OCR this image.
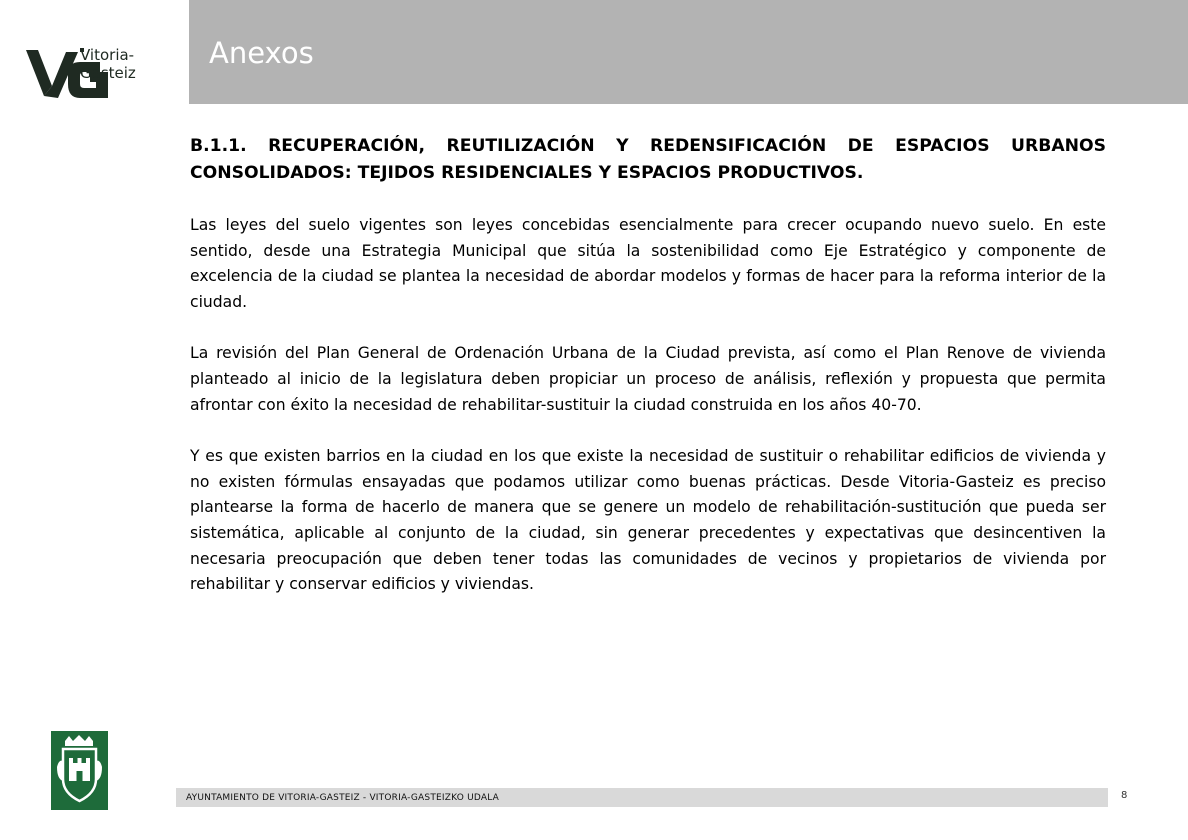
Vitoria-Gasteiz
Anexos
B.1.1. RECUPERACIÓN, REUTILIZACIÓN Y REDENSIFICACIÓN DE ESPACIOS URBANOS CONSOLIDADOS: TEJIDOS RESIDENCIALES Y ESPACIOS PRODUCTIVOS.

Las leyes del suelo vigentes son leyes concebidas esencialmente para crecer ocupando nuevo suelo. En este sentido, desde una Estrategia Municipal que sitúa la sostenibilidad como Eje Estratégico y componente de excelencia de la ciudad se plantea la necesidad de abordar modelos y formas de hacer para la reforma interior de la ciudad.

La revisión del Plan General de Ordenación Urbana de la Ciudad prevista, así como el Plan Renove de vivienda planteado al inicio de la legislatura deben propiciar un proceso de análisis, reflexión y propuesta que permita afrontar con éxito la necesidad de rehabilitar-sustituir la ciudad construida en los años 40-70.

Y es que existen barrios en la ciudad en los que existe la necesidad de sustituir o rehabilitar edificios de vivienda y no existen fórmulas ensayadas que podamos utilizar como buenas prácticas. Desde Vitoria-Gasteiz es preciso plantearse la forma de hacerlo de manera que se genere un modelo de rehabilitación-sustitución que pueda ser sistemática, aplicable al conjunto de la ciudad, sin generar precedentes y expectativas que desincentiven la necesaria preocupación que deben tener todas las comunidades de vecinos y propietarios de vivienda por rehabilitar y conservar edificios y viviendas.

AYUNTAMIENTO DE VITORIA-GASTEIZ - VITORIA-GASTEIZKO UDALA	8
